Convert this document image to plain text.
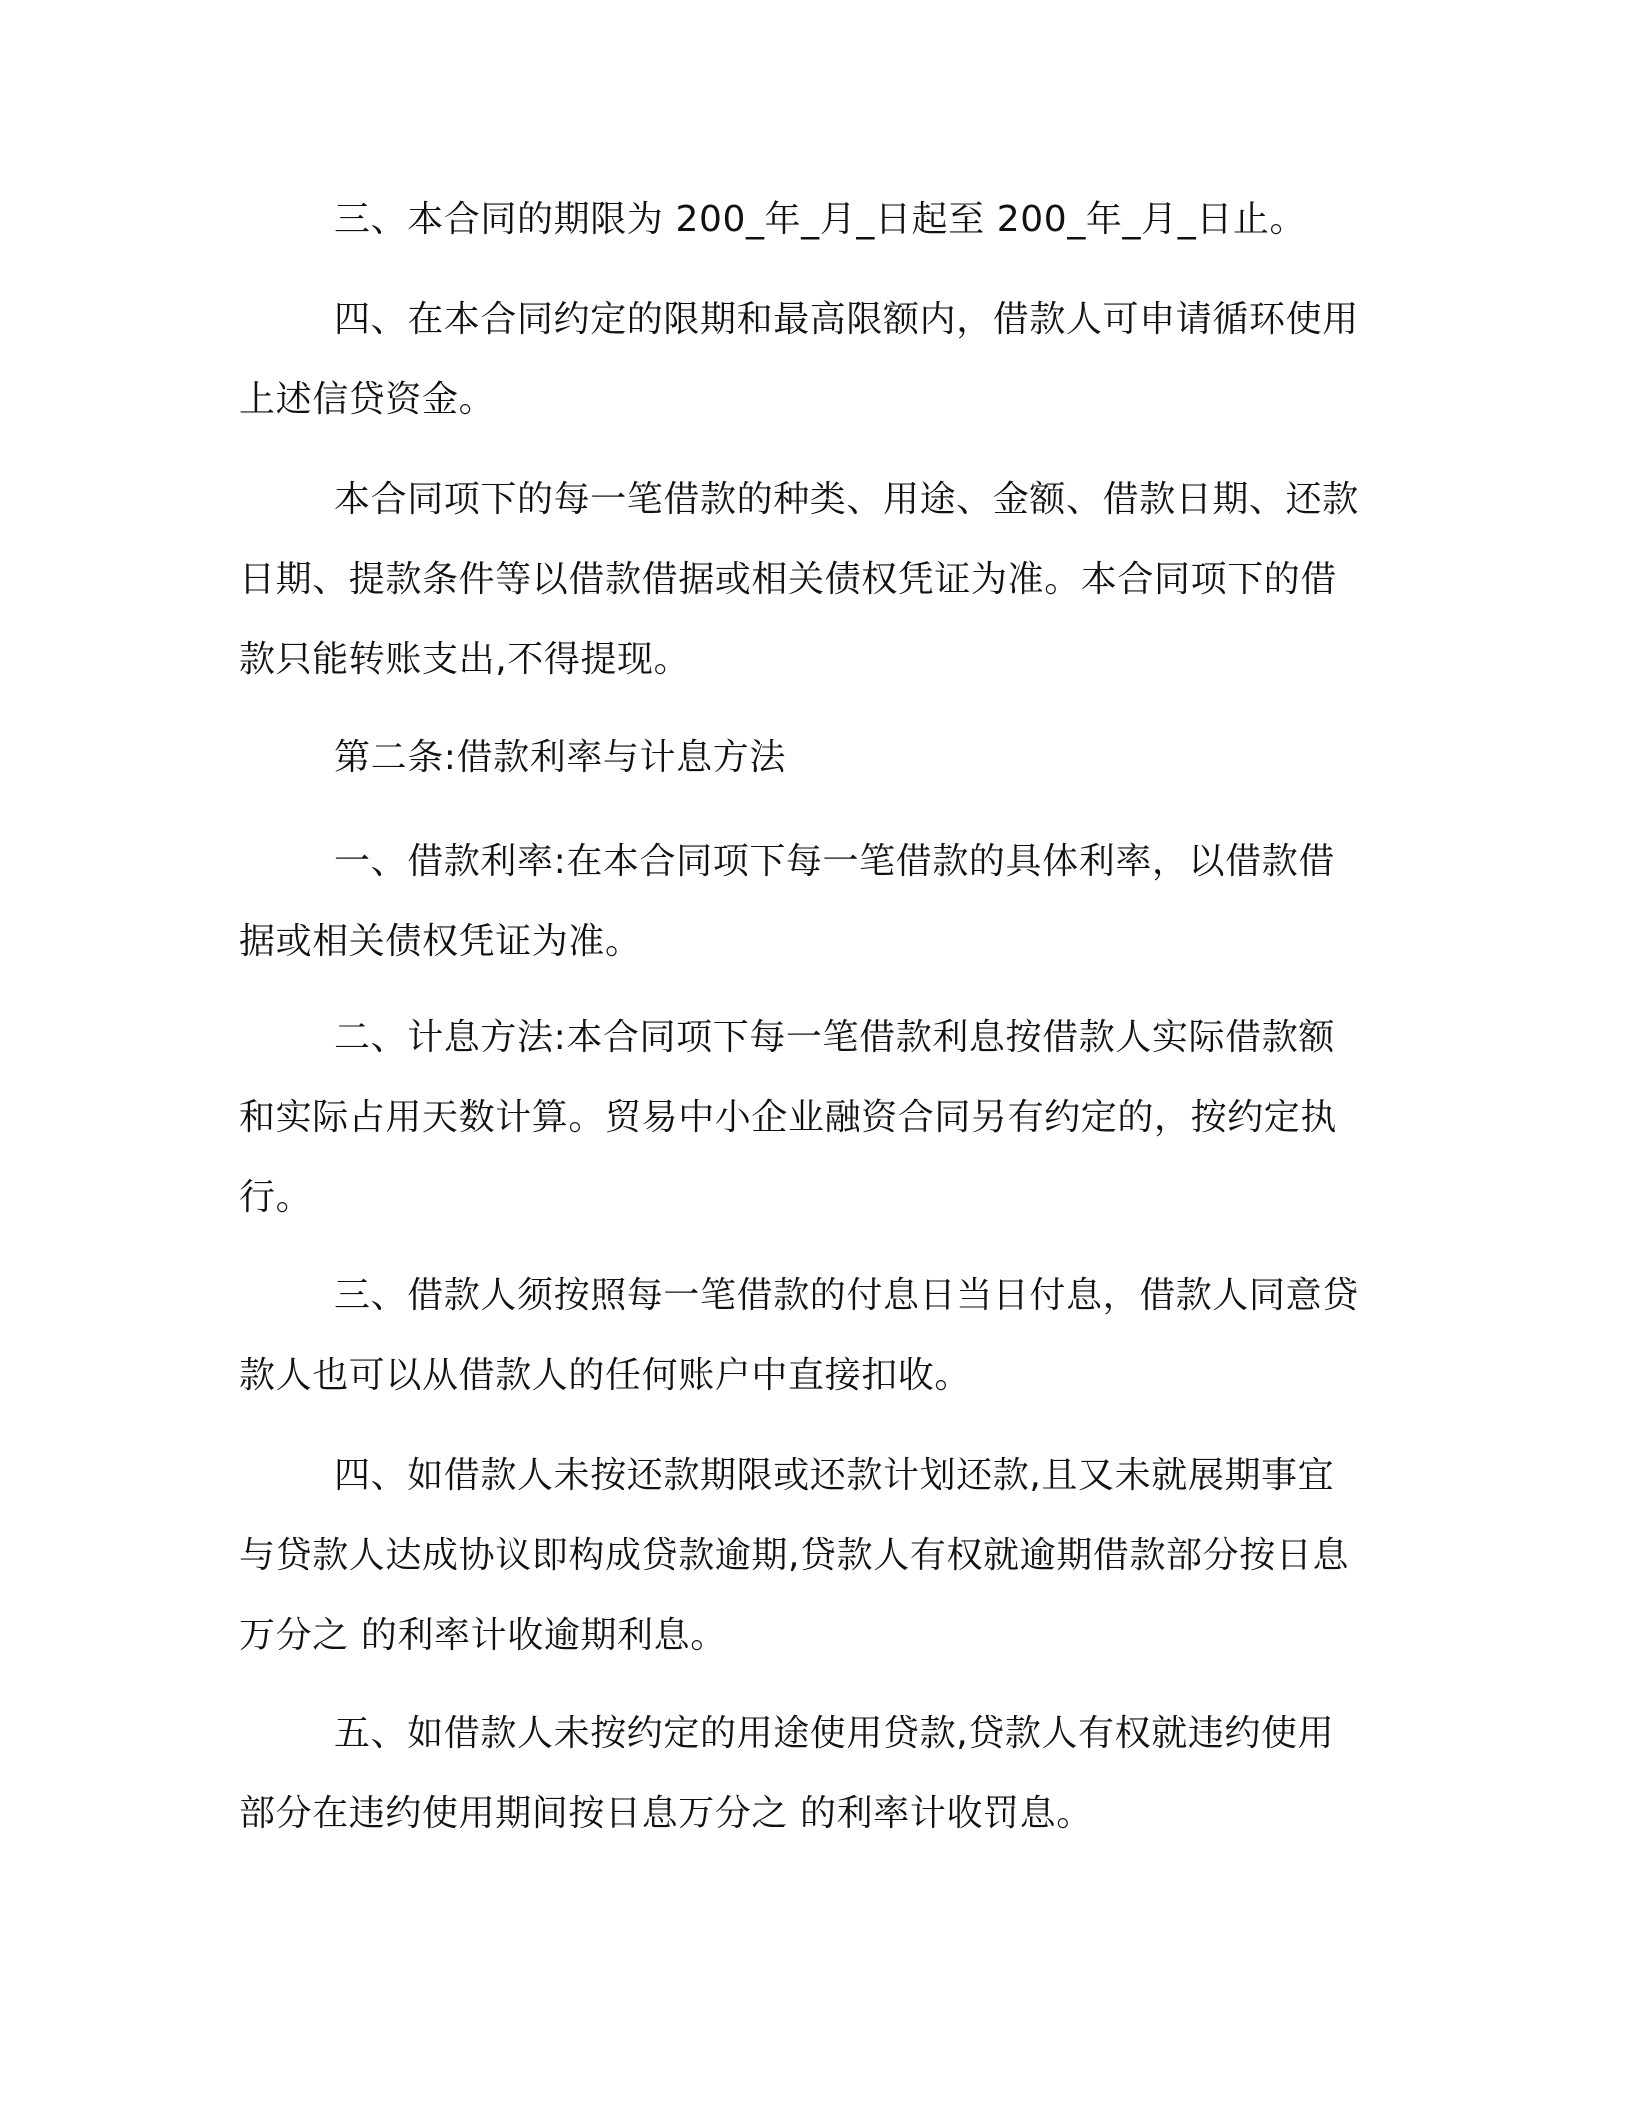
三、本合同的期限为 200_年_月_日起至 200_年_月_日止。

四、在本合同约定的限期和最高限额内，借款人可申请循环使用
上述信贷资金。

本合同项下的每一笔借款的种类、用途、金额、借款日期、还款
日期、提款条件等以借款借据或相关债权凭证为准。本合同项下的借
款只能转账支出,不得提现。

第二条:借款利率与计息方法

一、借款利率:在本合同项下每一笔借款的具体利率，以借款借
据或相关债权凭证为准。

二、计息方法:本合同项下每一笔借款利息按借款人实际借款额
和实际占用天数计算。贸易中小企业融资合同另有约定的，按约定执
行。

三、借款人须按照每一笔借款的付息日当日付息，借款人同意贷
款人也可以从借款人的任何账户中直接扣收。

四、如借款人未按还款期限或还款计划还款,且又未就展期事宜
与贷款人达成协议即构成贷款逾期,贷款人有权就逾期借款部分按日息
万分之 的利率计收逾期利息。

五、如借款人未按约定的用途使用贷款,贷款人有权就违约使用
部分在违约使用期间按日息万分之 的利率计收罚息。
